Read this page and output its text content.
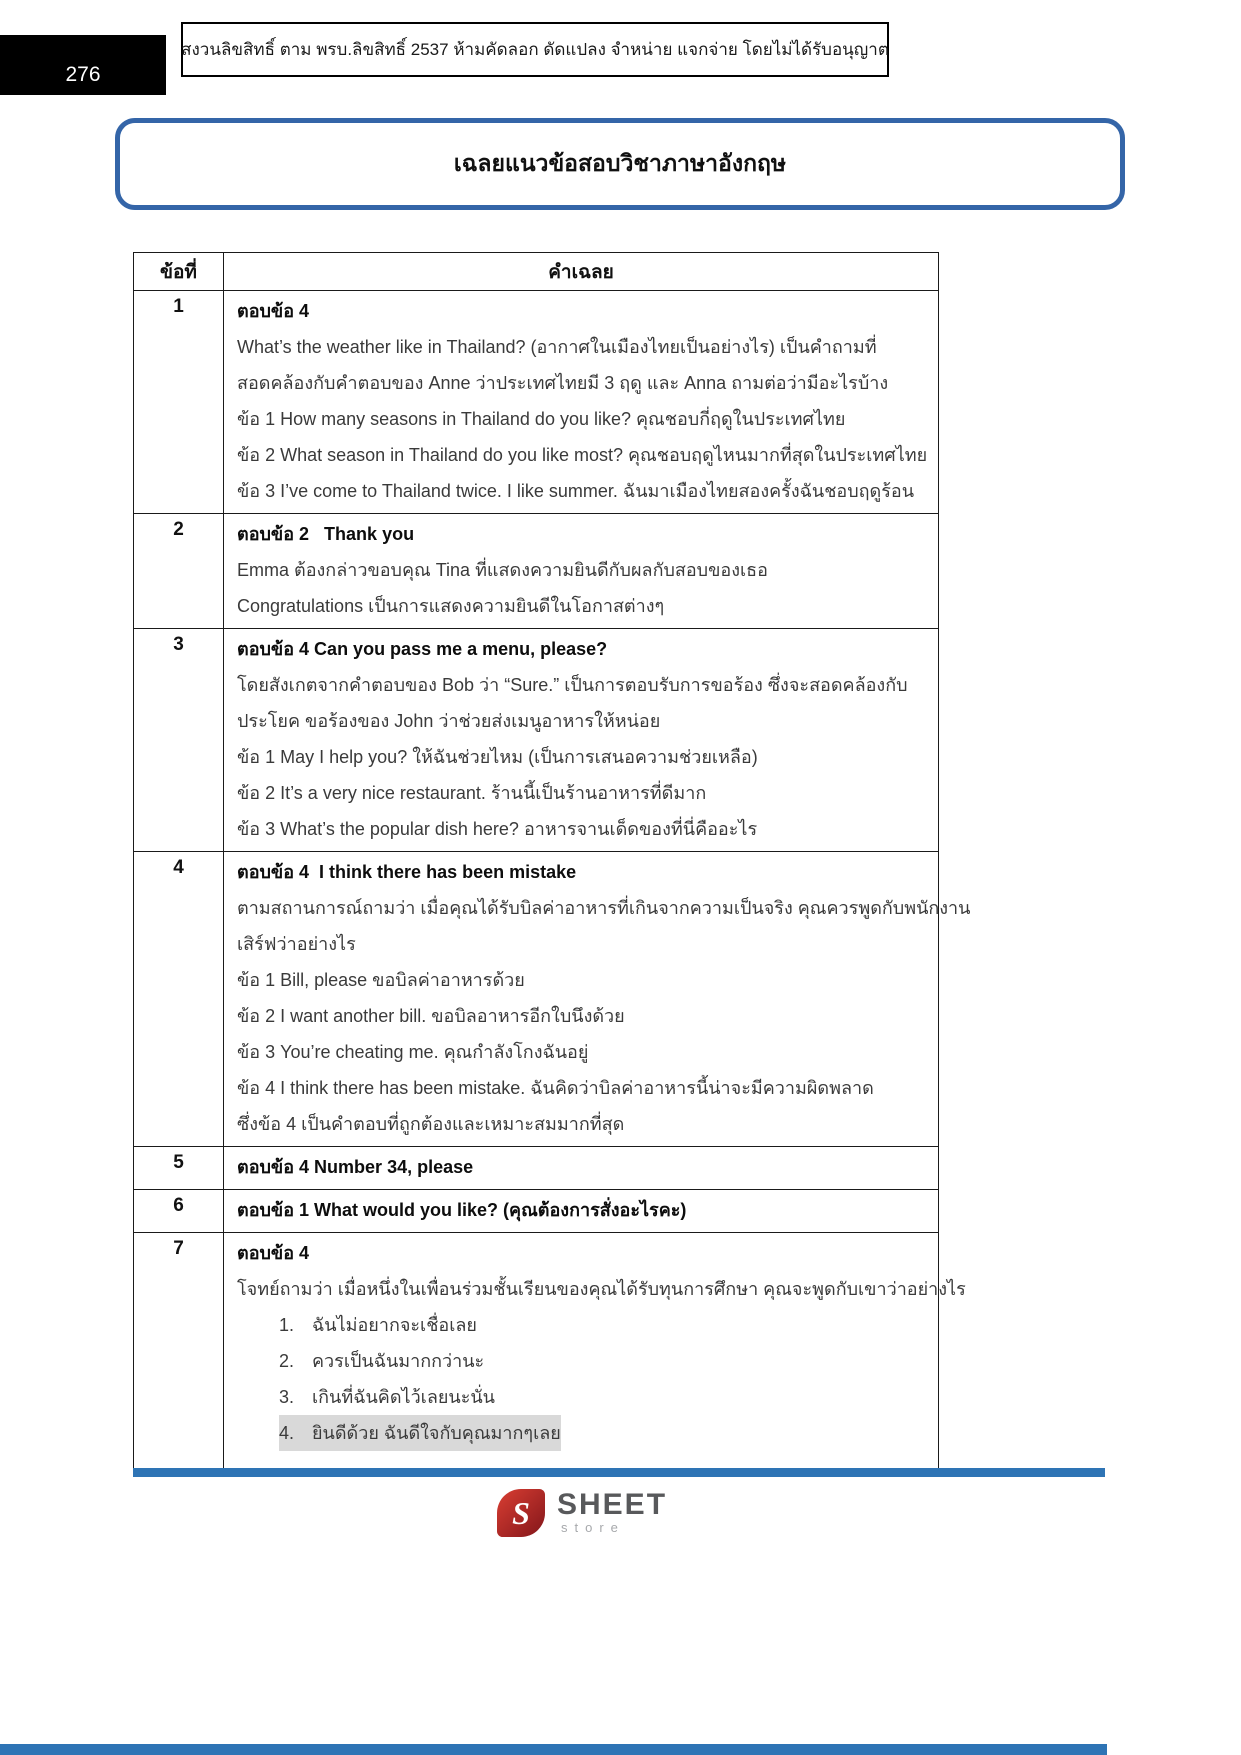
276
สงวนลิขสิทธิ์ ตาม พรบ.ลิขสิทธิ์ 2537 ห้ามคัดลอก ดัดแปลง จำหน่าย แจกจ่าย โดยไม่ได้รับอนุญาต
เฉลยแนวข้อสอบวิชาภาษาอังกฤษ
ข้อที่	คำเฉลย
1	ตอบข้อ 4
What’s the weather like in Thailand? (อากาศในเมืองไทยเป็นอย่างไร) เป็นคำถามที่
สอดคล้องกับคำตอบของ Anne ว่าประเทศไทยมี 3 ฤดู และ Anna ถามต่อว่ามีอะไรบ้าง
ข้อ 1 How many seasons in Thailand do you like? คุณชอบกี่ฤดูในประเทศไทย
ข้อ 2 What season in Thailand do you like most? คุณชอบฤดูไหนมากที่สุดในประเทศไทย
ข้อ 3 I’ve come to Thailand twice. I like summer. ฉันมาเมืองไทยสองครั้งฉันชอบฤดูร้อน

2	ตอบข้อ 2   Thank you
Emma ต้องกล่าวขอบคุณ Tina ที่แสดงความยินดีกับผลกับสอบของเธอ
Congratulations เป็นการแสดงความยินดีในโอกาสต่างๆ

3	ตอบข้อ 4 Can you pass me a menu, please?
โดยสังเกตจากคำตอบของ Bob ว่า “Sure.” เป็นการตอบรับการขอร้อง ซึ่งจะสอดคล้องกับ
ประโยค ขอร้องของ John ว่าช่วยส่งเมนูอาหารให้หน่อย
ข้อ 1 May I help you? ให้ฉันช่วยไหม (เป็นการเสนอความช่วยเหลือ)
ข้อ 2 It’s a very nice restaurant. ร้านนี้เป็นร้านอาหารที่ดีมาก
ข้อ 3 What’s the popular dish here? อาหารจานเด็ดของที่นี่คืออะไร

4	ตอบข้อ 4  I think there has been mistake
ตามสถานการณ์ถามว่า เมื่อคุณได้รับบิลค่าอาหารที่เกินจากความเป็นจริง คุณควรพูดกับพนักงาน
เสิร์ฟว่าอย่างไร
ข้อ 1 Bill, please ขอบิลค่าอาหารด้วย
ข้อ 2 I want another bill. ขอบิลอาหารอีกใบนึงด้วย
ข้อ 3 You’re cheating me. คุณกำลังโกงฉันอยู่
ข้อ 4 I think there has been mistake. ฉันคิดว่าบิลค่าอาหารนี้น่าจะมีความผิดพลาด
ซึ่งข้อ 4 เป็นคำตอบที่ถูกต้องและเหมาะสมมากที่สุด

5	ตอบข้อ 4 Number 34, please

6	ตอบข้อ 1 What would you like? (คุณต้องการสั่งอะไรคะ)

7	ตอบข้อ 4
โจทย์ถามว่า เมื่อหนึ่งในเพื่อนร่วมชั้นเรียนของคุณได้รับทุนการศึกษา คุณจะพูดกับเขาว่าอย่างไร
1. ฉันไม่อยากจะเชื่อเลย
2. ควรเป็นฉันมากกว่านะ
3. เกินที่ฉันคิดไว้เลยนะนั่น
4. ยินดีด้วย ฉันดีใจกับคุณมากๆเลย
S SHEET
store
